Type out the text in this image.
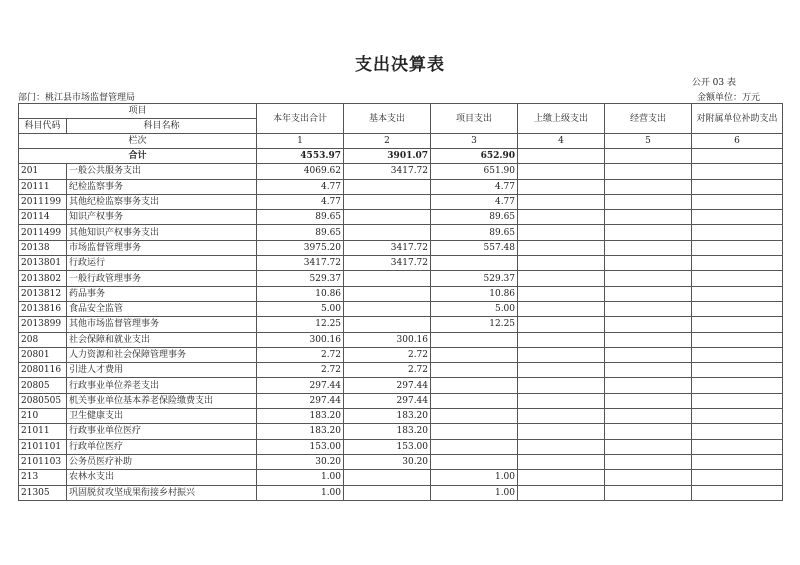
支出决算表
公开 03 表
部门：桃江县市场监督管理局	金额单位：万元
项目		本年支出合计	基本支出	项目支出	上缴上级支出	经营支出	对附属单位补助支出
科目代码	科目名称						
栏次		1	2	3	4	5	6
合计		4553.97	3901.07	652.90			
201	一般公共服务支出	4069.62	3417.72	651.90			
20111	纪检监察事务	4.77		4.77			
2011199	其他纪检监察事务支出	4.77		4.77			
20114	知识产权事务	89.65		89.65			
2011499	其他知识产权事务支出	89.65		89.65			
20138	市场监督管理事务	3975.20	3417.72	557.48			
2013801	行政运行	3417.72	3417.72				
2013802	一般行政管理事务	529.37		529.37			
2013812	药品事务	10.86		10.86			
2013816	食品安全监管	5.00		5.00			
2013899	其他市场监督管理事务	12.25		12.25			
208	社会保障和就业支出	300.16	300.16				
20801	人力资源和社会保障管理事务	2.72	2.72				
2080116	引进人才费用	2.72	2.72				
20805	行政事业单位养老支出	297.44	297.44				
2080505	机关事业单位基本养老保险缴费支出	297.44	297.44				
210	卫生健康支出	183.20	183.20				
21011	行政事业单位医疗	183.20	183.20				
2101101	行政单位医疗	153.00	153.00				
2101103	公务员医疗补助	30.20	30.20				
213	农林水支出	1.00		1.00			
21305	巩固脱贫攻坚成果衔接乡村振兴	1.00		1.00			
